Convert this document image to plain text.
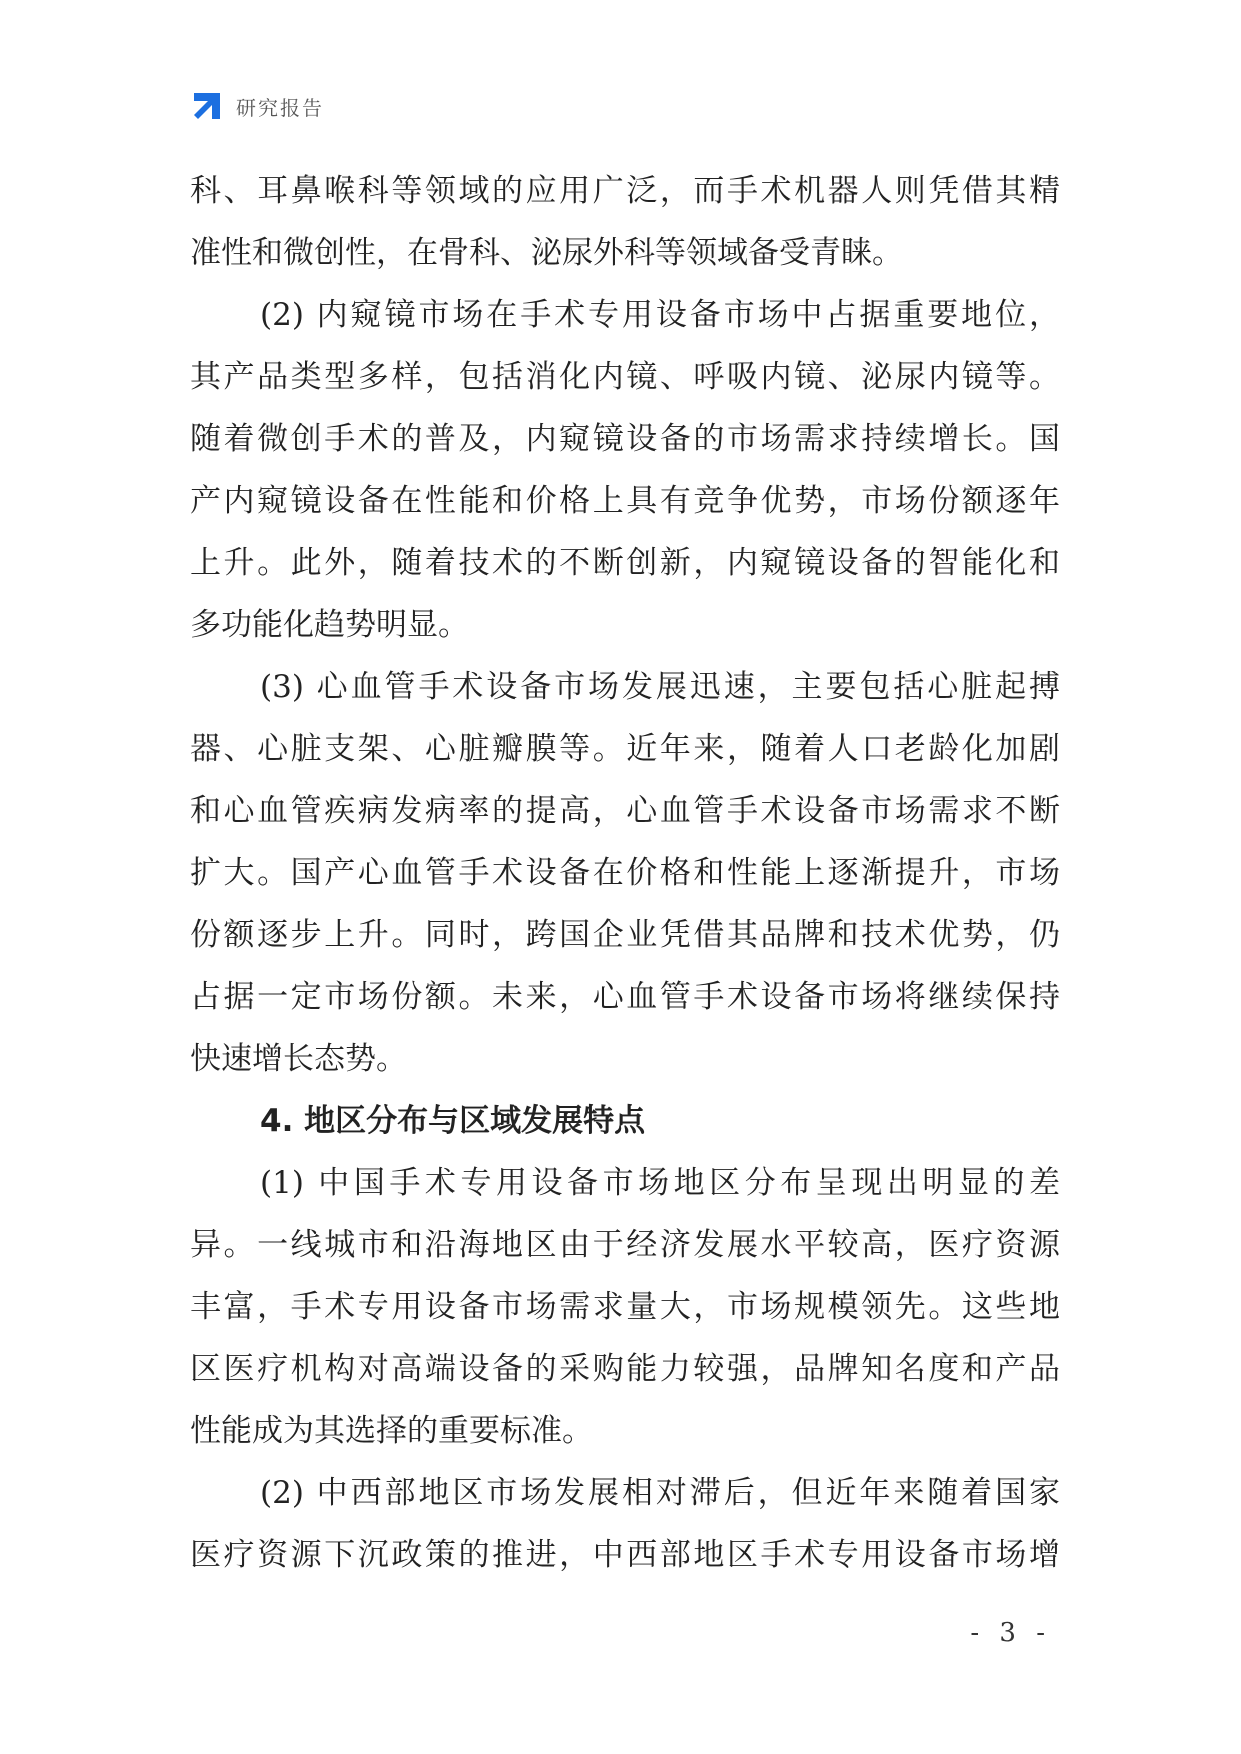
研究报告
科、耳鼻喉科等领域的应用广泛，而手术机器人则凭借其精
准性和微创性，在骨科、泌尿外科等领域备受青睐。
(2) 内窥镜市场在手术专用设备市场中占据重要地位，
其产品类型多样，包括消化内镜、呼吸内镜、泌尿内镜等。
随着微创手术的普及，内窥镜设备的市场需求持续增长。国
产内窥镜设备在性能和价格上具有竞争优势，市场份额逐年
上升。此外，随着技术的不断创新，内窥镜设备的智能化和
多功能化趋势明显。
(3) 心血管手术设备市场发展迅速，主要包括心脏起搏
器、心脏支架、心脏瓣膜等。近年来，随着人口老龄化加剧
和心血管疾病发病率的提高，心血管手术设备市场需求不断
扩大。国产心血管手术设备在价格和性能上逐渐提升，市场
份额逐步上升。同时，跨国企业凭借其品牌和技术优势，仍
占据一定市场份额。未来，心血管手术设备市场将继续保持
快速增长态势。
4. 地区分布与区域发展特点
(1) 中国手术专用设备市场地区分布呈现出明显的差
异。一线城市和沿海地区由于经济发展水平较高，医疗资源
丰富，手术专用设备市场需求量大，市场规模领先。这些地
区医疗机构对高端设备的采购能力较强，品牌知名度和产品
性能成为其选择的重要标准。
(2) 中西部地区市场发展相对滞后，但近年来随着国家
医疗资源下沉政策的推进，中西部地区手术专用设备市场增
- 3 -
